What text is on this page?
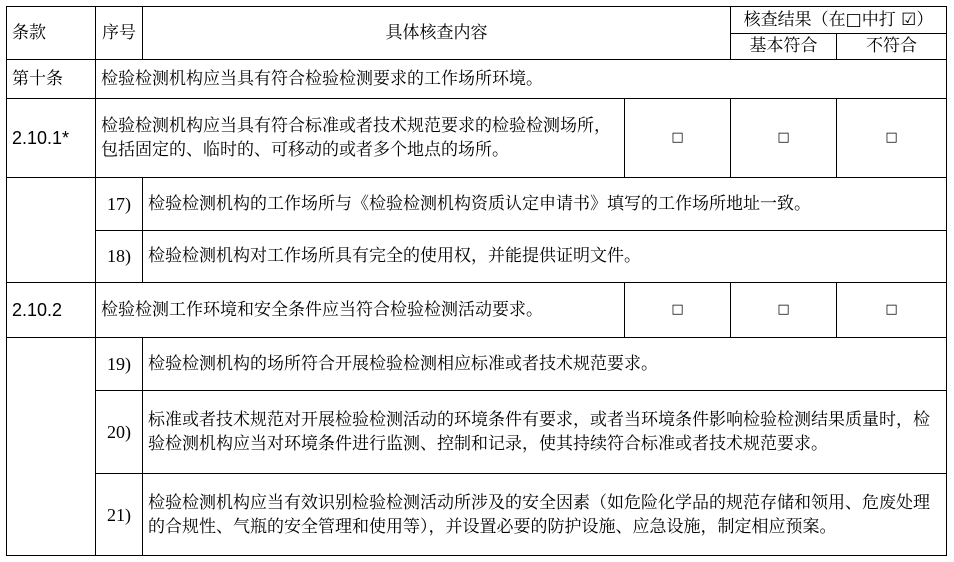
条款	序号	具体核查内容		核查结果（在□中打 ☑）	
				基本符合	不符合
第十条	检验检测机构应当具有符合检验检测要求的工作场所环境。				
2.10.1*	检验检测机构应当具有符合标准或者技术规范要求的检验检测场所，包括固定的、临时的、可移动的或者多个地点的场所。		□	□	□
	17)	检验检测机构的工作场所与《检验检测机构资质认定申请书》填写的工作场所地址一致。			
	18)	检验检测机构对工作场所具有完全的使用权，并能提供证明文件。			
2.10.2	检验检测工作环境和安全条件应当符合检验检测活动要求。		□	□	□
	19)	检验检测机构的场所符合开展检验检测相应标准或者技术规范要求。			
	20)	标准或者技术规范对开展检验检测活动的环境条件有要求，或者当环境条件影响检验检测结果质量时，检验检测机构应当对环境条件进行监测、控制和记录，使其持续符合标准或者技术规范要求。			
	21)	检验检测机构应当有效识别检验检测活动所涉及的安全因素（如危险化学品的规范存储和领用、危废处理的合规性、气瓶的安全管理和使用等），并设置必要的防护设施、应急设施，制定相应预案。			
